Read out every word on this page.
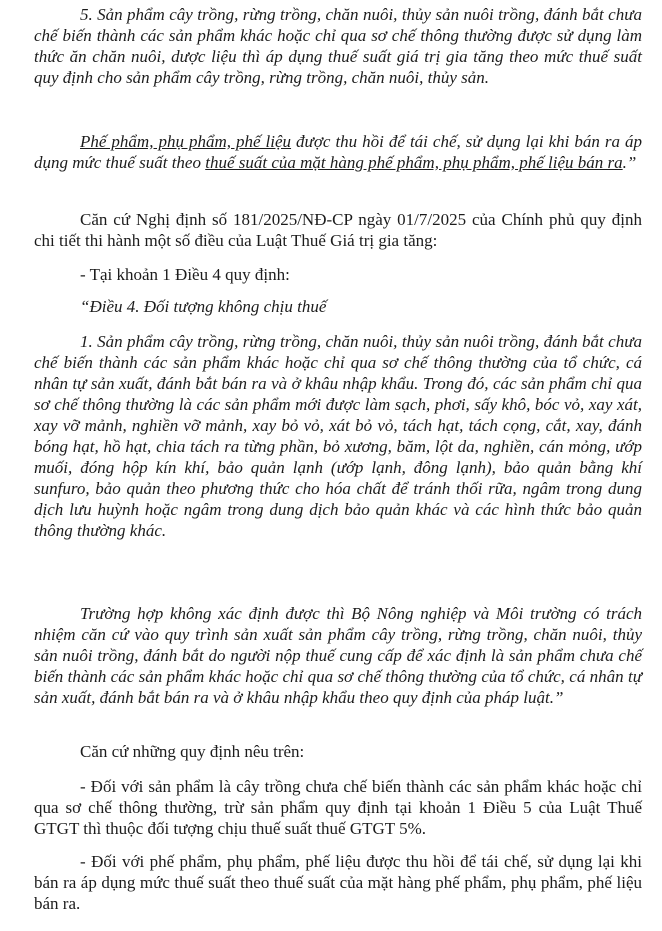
5. Sản phẩm cây trồng, rừng trồng, chăn nuôi, thủy sản nuôi trồng, đánh bắt chưa chế biến thành các sản phẩm khác hoặc chỉ qua sơ chế thông thường được sử dụng làm thức ăn chăn nuôi, dược liệu thì áp dụng thuế suất giá trị gia tăng theo mức thuế suất quy định cho sản phẩm cây trồng, rừng trồng, chăn nuôi, thủy sản.

Phế phẩm, phụ phẩm, phế liệu được thu hồi để tái chế, sử dụng lại khi bán ra áp dụng mức thuế suất theo thuế suất của mặt hàng phế phẩm, phụ phẩm, phế liệu bán ra.”

Căn cứ Nghị định số 181/2025/NĐ-CP ngày 01/7/2025 của Chính phủ quy định chi tiết thi hành một số điều của Luật Thuế Giá trị gia tăng:

- Tại khoản 1 Điều 4 quy định:

“Điều 4. Đối tượng không chịu thuế

1. Sản phẩm cây trồng, rừng trồng, chăn nuôi, thủy sản nuôi trồng, đánh bắt chưa chế biến thành các sản phẩm khác hoặc chỉ qua sơ chế thông thường của tổ chức, cá nhân tự sản xuất, đánh bắt bán ra và ở khâu nhập khẩu. Trong đó, các sản phẩm chỉ qua sơ chế thông thường là các sản phẩm mới được làm sạch, phơi, sấy khô, bóc vỏ, xay xát, xay vỡ mảnh, nghiền vỡ mảnh, xay bỏ vỏ, xát bỏ vỏ, tách hạt, tách cọng, cắt, xay, đánh bóng hạt, hồ hạt, chia tách ra từng phần, bỏ xương, băm, lột da, nghiền, cán mỏng, ướp muối, đóng hộp kín khí, bảo quản lạnh (ướp lạnh, đông lạnh), bảo quản bằng khí sunfuro, bảo quản theo phương thức cho hóa chất để tránh thối rữa, ngâm trong dung dịch lưu huỳnh hoặc ngâm trong dung dịch bảo quản khác và các hình thức bảo quản thông thường khác.

Trường hợp không xác định được thì Bộ Nông nghiệp và Môi trường có trách nhiệm căn cứ vào quy trình sản xuất sản phẩm cây trồng, rừng trồng, chăn nuôi, thủy sản nuôi trồng, đánh bắt do người nộp thuế cung cấp để xác định là sản phẩm chưa chế biến thành các sản phẩm khác hoặc chỉ qua sơ chế thông thường của tổ chức, cá nhân tự sản xuất, đánh bắt bán ra và ở khâu nhập khẩu theo quy định của pháp luật.”

Căn cứ những quy định nêu trên:

- Đối với sản phẩm là cây trồng chưa chế biến thành các sản phẩm khác hoặc chỉ qua sơ chế thông thường, trừ sản phẩm quy định tại khoản 1 Điều 5 của Luật Thuế GTGT thì thuộc đối tượng chịu thuế suất thuế GTGT 5%.

- Đối với phế phẩm, phụ phẩm, phế liệu được thu hồi để tái chế, sử dụng lại khi bán ra áp dụng mức thuế suất theo thuế suất của mặt hàng phế phẩm, phụ phẩm, phế liệu bán ra.
